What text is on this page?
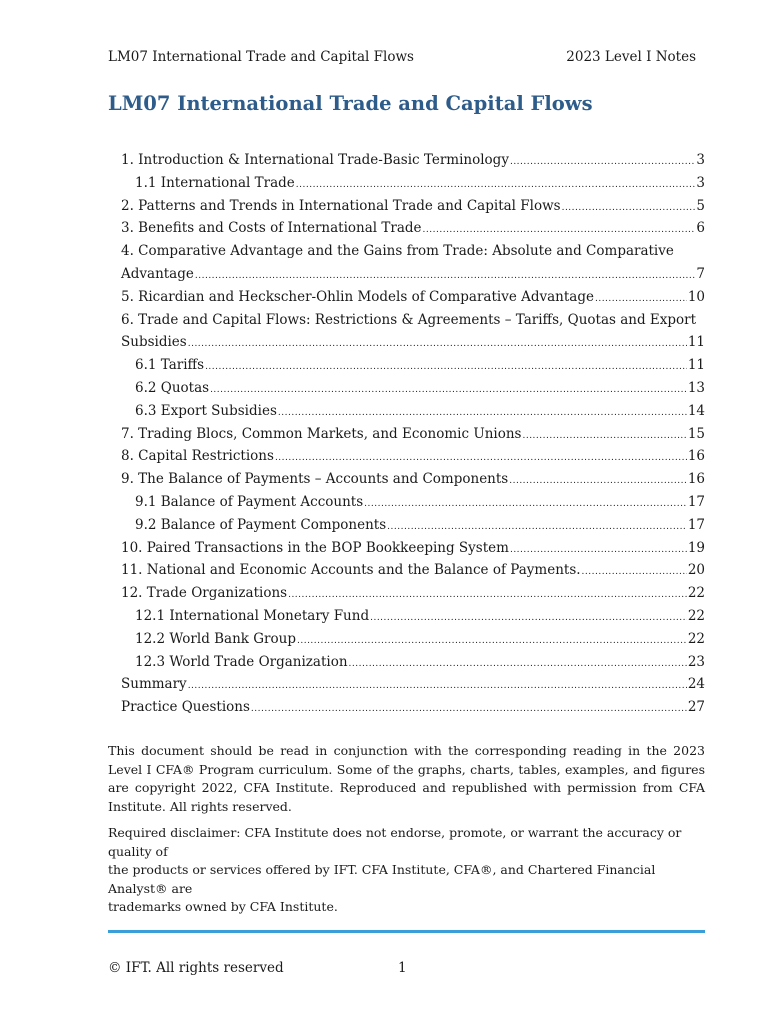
LM07 International Trade and Capital Flows	2023 Level I Notes
LM07 International Trade and Capital Flows
1. Introduction & International Trade-Basic Terminology .....	3
1.1 International Trade .....	3
2. Patterns and Trends in International Trade and Capital Flows .....	5
3. Benefits and Costs of International Trade .....	6
4. Comparative Advantage and the Gains from Trade: Absolute and Comparative
Advantage .....	7
5. Ricardian and Heckscher-Ohlin Models of Comparative Advantage .....	10
6. Trade and Capital Flows: Restrictions & Agreements – Tariffs, Quotas and Export
Subsidies .....	11
6.1 Tariffs .....	11
6.2 Quotas .....	13
6.3 Export Subsidies .....	14
7. Trading Blocs, Common Markets, and Economic Unions .....	15
8. Capital Restrictions .....	16
9. The Balance of Payments – Accounts and Components .....	16
9.1 Balance of Payment Accounts .....	17
9.2 Balance of Payment Components .....	17
10. Paired Transactions in the BOP Bookkeeping System .....	19
11. National and Economic Accounts and the Balance of Payments. .....	20
12. Trade Organizations .....	22
12.1 International Monetary Fund .....	22
12.2 World Bank Group .....	22
12.3 World Trade Organization .....	23
Summary .....	24
Practice Questions .....	27

This document should be read in conjunction with the corresponding reading in the 2023 Level I CFA® Program curriculum. Some of the graphs, charts, tables, examples, and figures are copyright 2022, CFA Institute. Reproduced and republished with permission from CFA Institute. All rights reserved.

Required disclaimer: CFA Institute does not endorse, promote, or warrant the accuracy or quality of
the products or services offered by IFT. CFA Institute, CFA®, and Chartered Financial Analyst® are
trademarks owned by CFA Institute.

© IFT. All rights reserved	1
